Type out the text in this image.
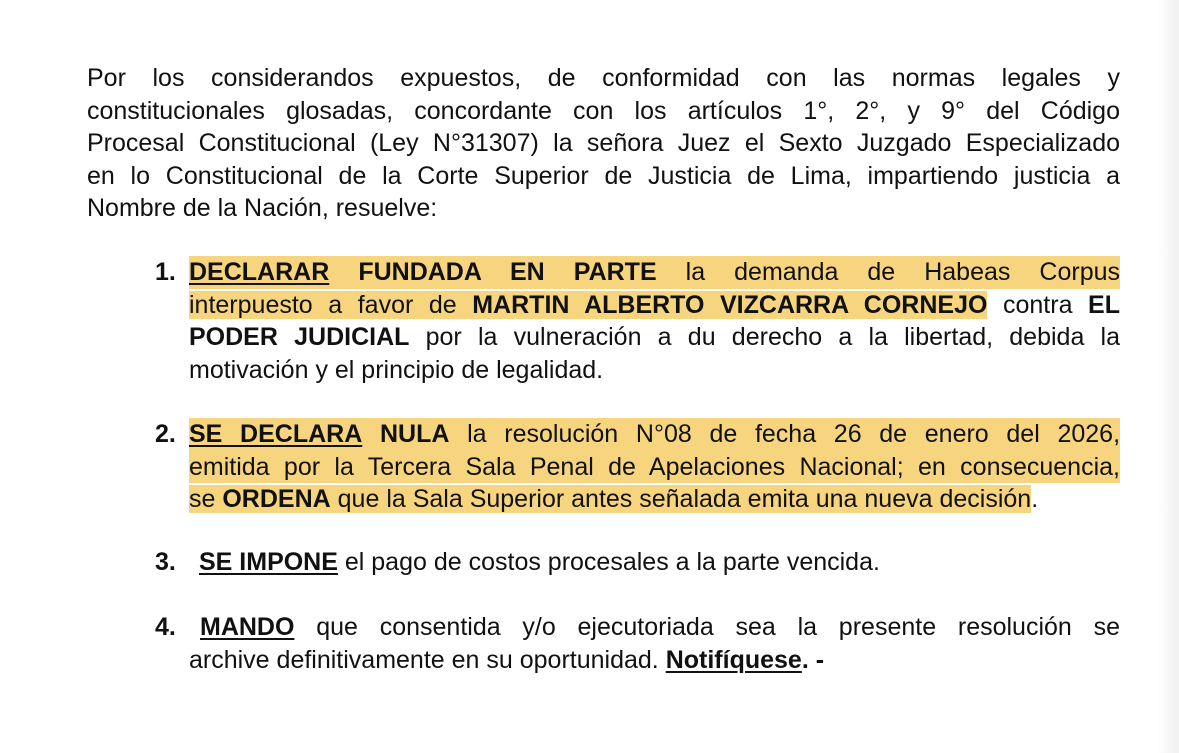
Por los considerandos expuestos, de conformidad con las normas legales y
constitucionales glosadas, concordante con los artículos 1°, 2°, y 9° del Código
Procesal Constitucional (Ley N°31307) la señora Juez el Sexto Juzgado Especializado
en lo Constitucional de la Corte Superior de Justicia de Lima, impartiendo justicia a
Nombre de la Nación, resuelve:
1. DECLARAR FUNDADA EN PARTE la demanda de Habeas Corpus
interpuesto a favor de MARTIN ALBERTO VIZCARRA CORNEJO contra EL
PODER JUDICIAL por la vulneración a du derecho a la libertad, debida la
motivación y el principio de legalidad.
2. SE DECLARA NULA la resolución N°08 de fecha 26 de enero del 2026,
emitida por la Tercera Sala Penal de Apelaciones Nacional; en consecuencia,
se ORDENA que la Sala Superior antes señalada emita una nueva decisión.
3. SE IMPONE el pago de costos procesales a la parte vencida.
4. MANDO que consentida y/o ejecutoriada sea la presente resolución se
archive definitivamente en su oportunidad. Notifíquese. -
